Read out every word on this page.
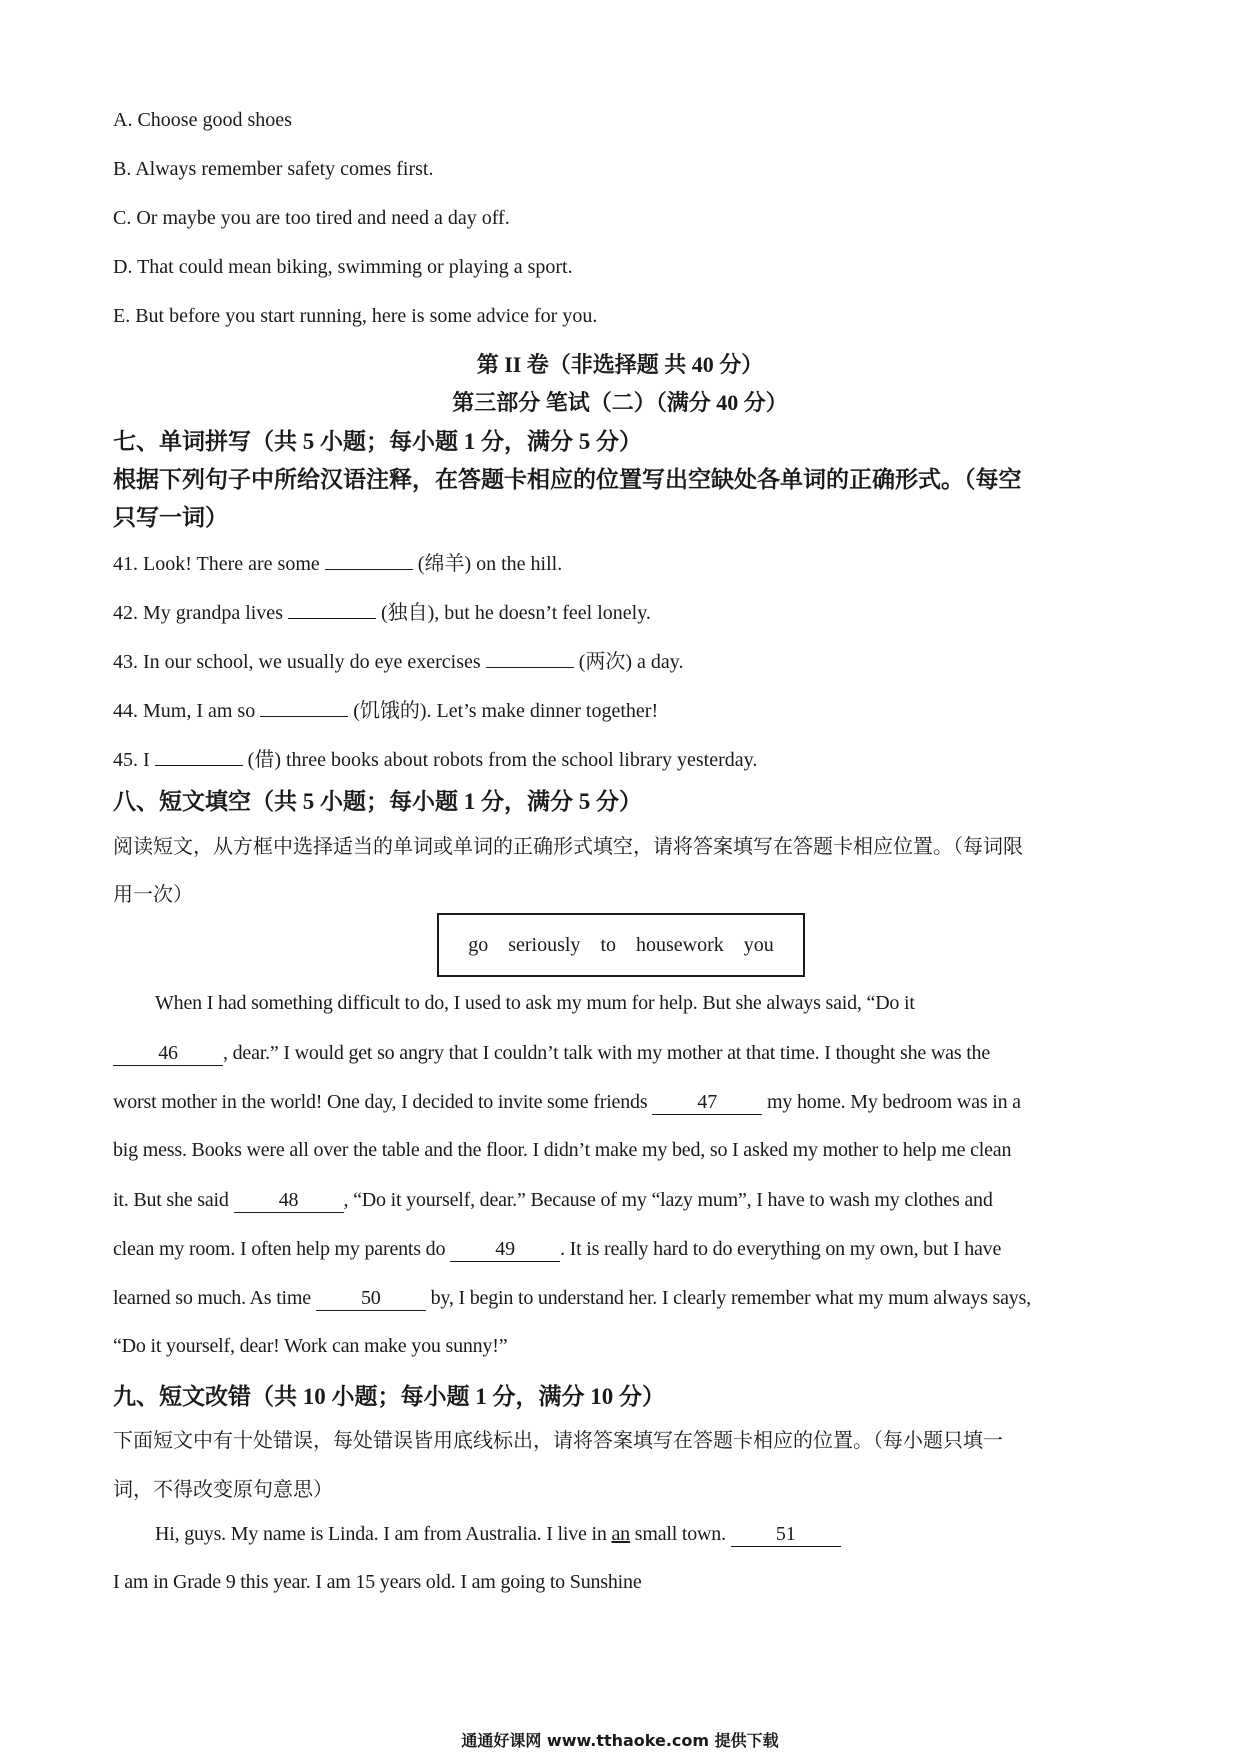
A. Choose good shoes
B. Always remember safety comes first.
C. Or maybe you are too tired and need a day off.
D. That could mean biking, swimming or playing a sport.
E. But before you start running, here is some advice for you.
第 II 卷（非选择题 共 40 分）
第三部分 笔试（二）（满分 40 分）
七、单词拼写（共 5 小题；每小题 1 分，满分 5 分）
根据下列句子中所给汉语注释，在答题卡相应的位置写出空缺处各单词的正确形式。（每空
只写一词）
41. Look! There are some	(绵羊) on the hill.
42. My grandpa lives	(独自), but he doesn’t feel lonely.
43. In our school, we usually do eye exercises	(两次) a day.
44. Mum, I am so	(饥饿的). Let’s make dinner together!
45. I	(借) three books about robots from the school library yesterday.
八、短文填空（共 5 小题；每小题 1 分，满分 5 分）
阅读短文，从方框中选择适当的单词或单词的正确形式填空，请将答案填写在答题卡相应位置。（每词限
用一次）
go seriously to housework you
When I had something difficult to do, I used to ask my mum for help. But she always said, “Do it
46 , dear.” I would get so angry that I couldn’t talk with my mother at that time. I thought she was the
worst mother in the world! One day, I decided to invite some friends	47	my home. My bedroom was in a
big mess. Books were all over the table and the floor. I didn’t make my bed, so I asked my mother to help me clean
it. But she said	48 , “Do it yourself, dear.” Because of my “lazy mum”, I have to wash my clothes and
clean my room. I often help my parents do	49 . It is really hard to do everything on my own, but I have
learned so much. As time	50	by, I begin to understand her. I clearly remember what my mum always says,
“Do it yourself, dear! Work can make you sunny!”
九、短文改错（共 10 小题；每小题 1 分，满分 10 分）
下面短文中有十处错误，每处错误皆用底线标出，请将答案填写在答题卡相应的位置。（每小题只填一
词，不得改变原句意思）
Hi, guys. My name is Linda. I am from Australia. I live in an small town.	51
I am in Grade 9 this year. I am 15 years old. I am going to Sunshine
通通好课网 www.tthaoke.com 提供下载
